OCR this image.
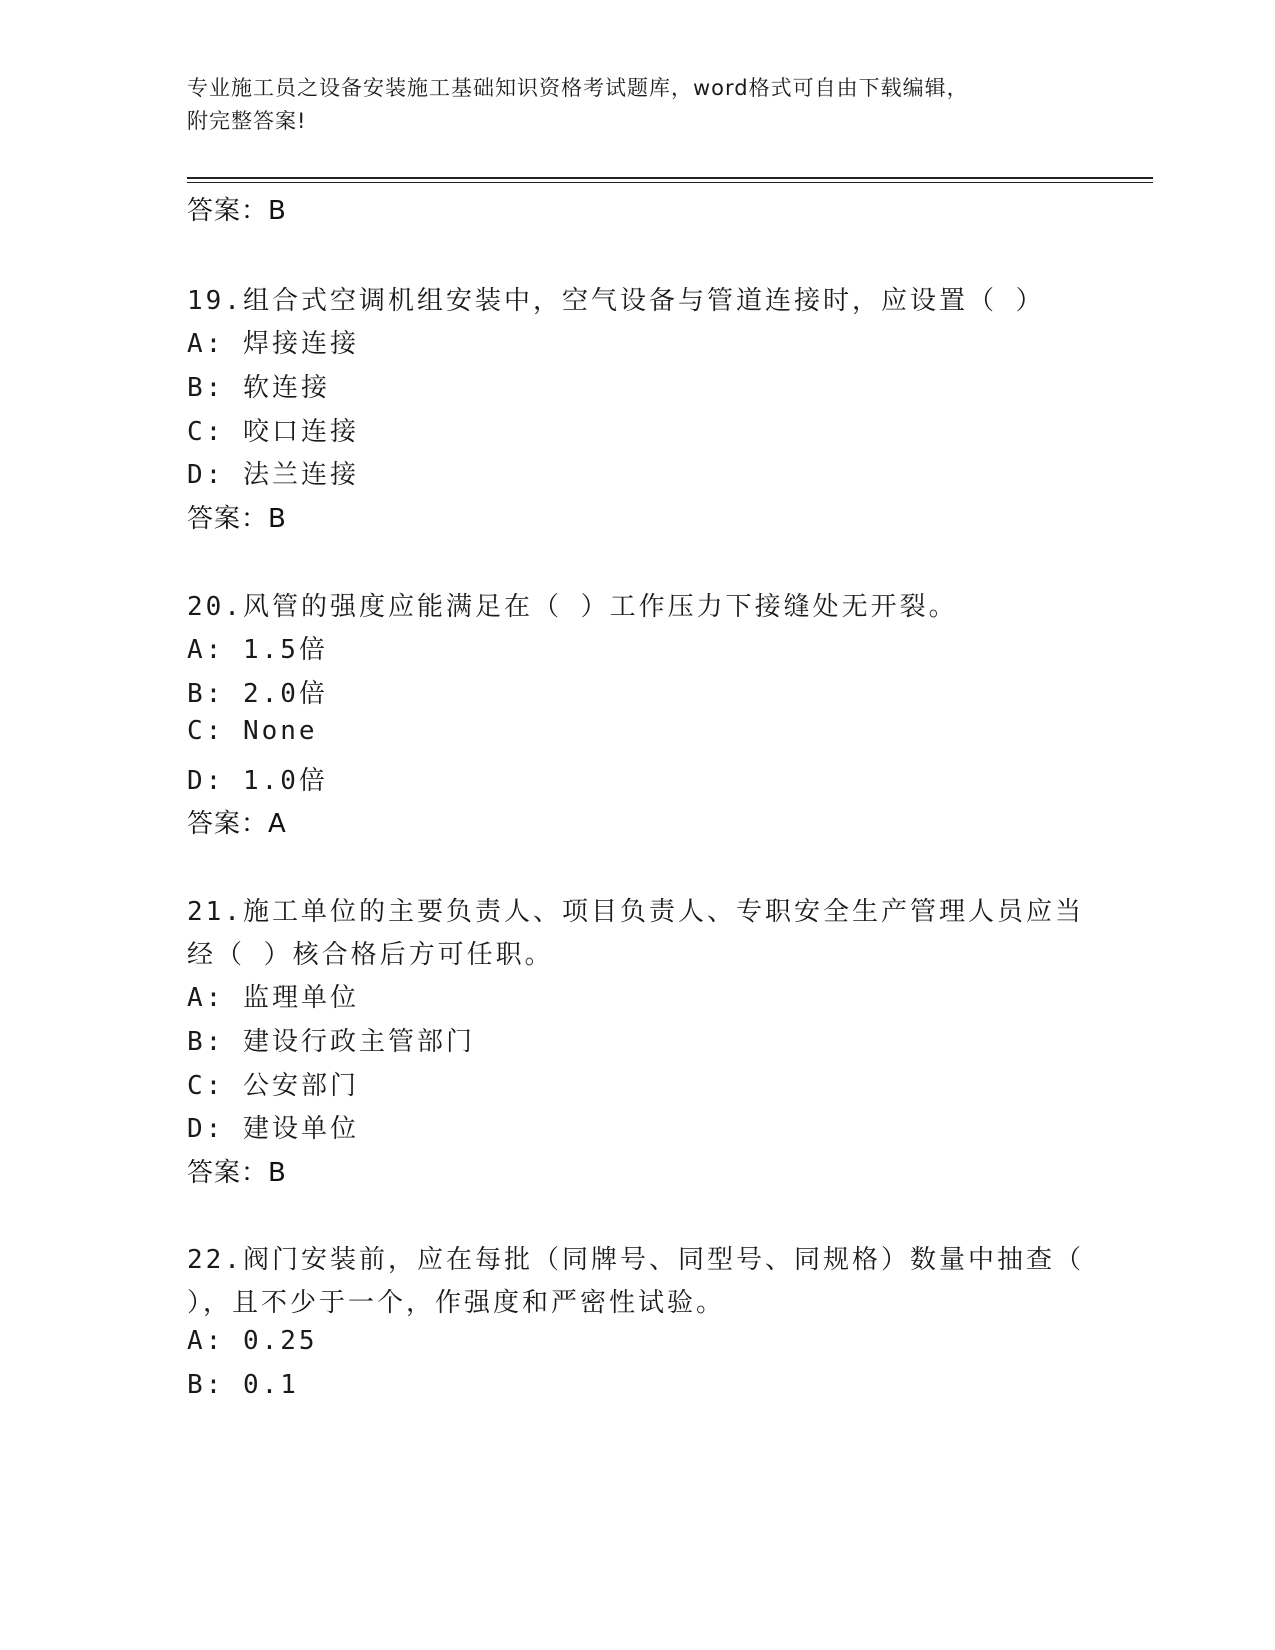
专业施工员之设备安装施工基础知识资格考试题库，word格式可自由下载编辑，
附完整答案!
答案：B
19.组合式空调机组安装中，空气设备与管道连接时，应设置（ ）
A: 焊接连接
B: 软连接
C: 咬口连接
D: 法兰连接
答案：B
20.风管的强度应能满足在（ ）工作压力下接缝处无开裂。
A: 1.5倍
B: 2.0倍
C: None
D: 1.0倍
答案：A
21.施工单位的主要负责人、项目负责人、专职安全生产管理人员应当
经（ ）核合格后方可任职。
A: 监理单位
B: 建设行政主管部门
C: 公安部门
D: 建设单位
答案：B
22.阀门安装前，应在每批（同牌号、同型号、同规格）数量中抽查（
），且不少于一个，作强度和严密性试验。
A: 0.25
B: 0.1
